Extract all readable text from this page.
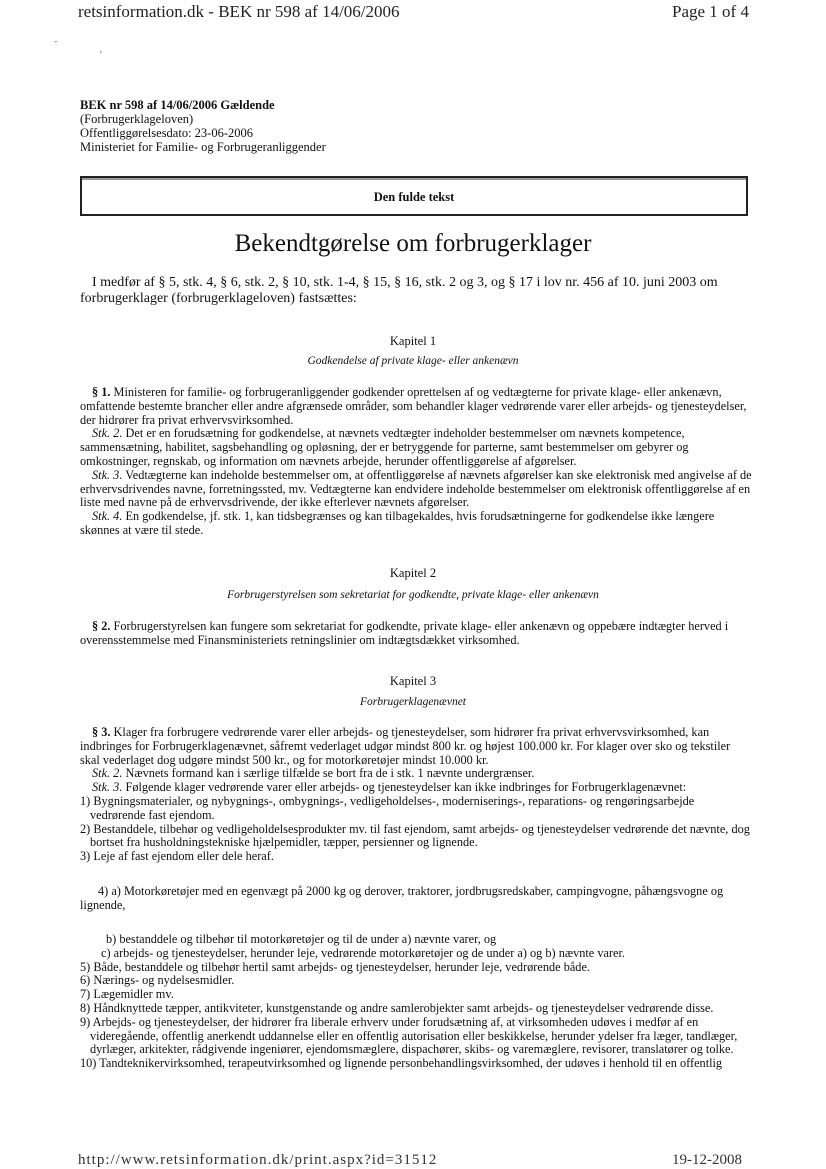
retsinformation.dk - BEK nr 598 af 14/06/2006	Page 1 of 4
˜
'
BEK nr 598 af 14/06/2006 Gældende
(Forbrugerklageloven)
Offentliggørelsesdato: 23-06-2006
Ministeriet for Familie- og Forbrugeranliggender
Den fulde tekst
Bekendtgørelse om forbrugerklager

I medfør af § 5, stk. 4, § 6, stk. 2, § 10, stk. 1-4, § 15, § 16, stk. 2 og 3, og § 17 i lov nr. 456 af 10. juni 2003 om forbrugerklager (forbrugerklageloven) fastsættes:

Kapitel 1
Godkendelse af private klage- eller ankenævn

§ 1. Ministeren for familie- og forbrugeranliggender godkender oprettelsen af og vedtægterne for private klage- eller ankenævn, omfattende bestemte brancher eller andre afgrænsede områder, som behandler klager vedrørende varer eller arbejds- og tjenesteydelser, der hidrører fra privat erhvervsvirksomhed.

Stk. 2. Det er en forudsætning for godkendelse, at nævnets vedtægter indeholder bestemmelser om nævnets kompetence, sammensætning, habilitet, sagsbehandling og opløsning, der er betryggende for parterne, samt bestemmelser om gebyrer og omkostninger, regnskab, og information om nævnets arbejde, herunder offentliggørelse af afgørelser.

Stk. 3. Vedtægterne kan indeholde bestemmelser om, at offentliggørelse af nævnets afgørelser kan ske elektronisk med angivelse af de erhvervsdrivendes navne, forretningssted, mv. Vedtægterne kan endvidere indeholde bestemmelser om elektronisk offentliggørelse af en liste med navne på de erhvervsdrivende, der ikke efterlever nævnets afgørelser.

Stk. 4. En godkendelse, jf. stk. 1, kan tidsbegrænses og kan tilbagekaldes, hvis forudsætningerne for godkendelse ikke længere skønnes at være til stede.

Kapitel 2
Forbrugerstyrelsen som sekretariat for godkendte, private klage- eller ankenævn

§ 2. Forbrugerstyrelsen kan fungere som sekretariat for godkendte, private klage- eller ankenævn og oppebære indtægter herved i overensstemmelse med Finansministeriets retningslinier om indtægtsdækket virksomhed.

Kapitel 3
Forbrugerklagenævnet

§ 3. Klager fra forbrugere vedrørende varer eller arbejds- og tjenesteydelser, som hidrører fra privat erhvervsvirksomhed, kan indbringes for Forbrugerklagenævnet, såfremt vederlaget udgør mindst 800 kr. og højest 100.000 kr. For klager over sko og tekstiler skal vederlaget dog udgøre mindst 500 kr., og for motorkøretøjer mindst 10.000 kr.

Stk. 2. Nævnets formand kan i særlige tilfælde se bort fra de i stk. 1 nævnte undergrænser.

Stk. 3. Følgende klager vedrørende varer eller arbejds- og tjenesteydelser kan ikke indbringes for Forbrugerklagenævnet:

1) Bygningsmaterialer, og nybygnings-, ombygnings-, vedligeholdelses-, moderniserings-, reparations- og rengøringsarbejde vedrørende fast ejendom.

2) Bestanddele, tilbehør og vedligeholdelsesprodukter mv. til fast ejendom, samt arbejds- og tjenesteydelser vedrørende det nævnte, dog bortset fra husholdningstekniske hjælpemidler, tæpper, persienner og lignende.

3) Leje af fast ejendom eller dele heraf.

4) a) Motorkøretøjer med en egenvægt på 2000 kg og derover, traktorer, jordbrugsredskaber, campingvogne, påhængsvogne og lignende,

b) bestanddele og tilbehør til motorkøretøjer og til de under a) nævnte varer, og

c) arbejds- og tjenesteydelser, herunder leje, vedrørende motorkøretøjer og de under a) og b) nævnte varer.

5) Både, bestanddele og tilbehør hertil samt arbejds- og tjenesteydelser, herunder leje, vedrørende både.

6) Nærings- og nydelsesmidler.

7) Lægemidler mv.

8) Håndknyttede tæpper, antikviteter, kunstgenstande og andre samlerobjekter samt arbejds- og tjenesteydelser vedrørende disse.

9) Arbejds- og tjenesteydelser, der hidrører fra liberale erhverv under forudsætning af, at virksomheden udøves i medfør af en videregående, offentlig anerkendt uddannelse eller en offentlig autorisation eller beskikkelse, herunder ydelser fra læger, tandlæger, dyrlæger, arkitekter, rådgivende ingeniører, ejendomsmæglere, dispachører, skibs- og varemæglere, revisorer, translatører og tolke.

10) Tandteknikervirksomhed, terapeutvirksomhed og lignende personbehandlingsvirksomhed, der udøves i henhold til en offentlig

http://www.retsinformation.dk/print.aspx?id=31512	19-12-2008
